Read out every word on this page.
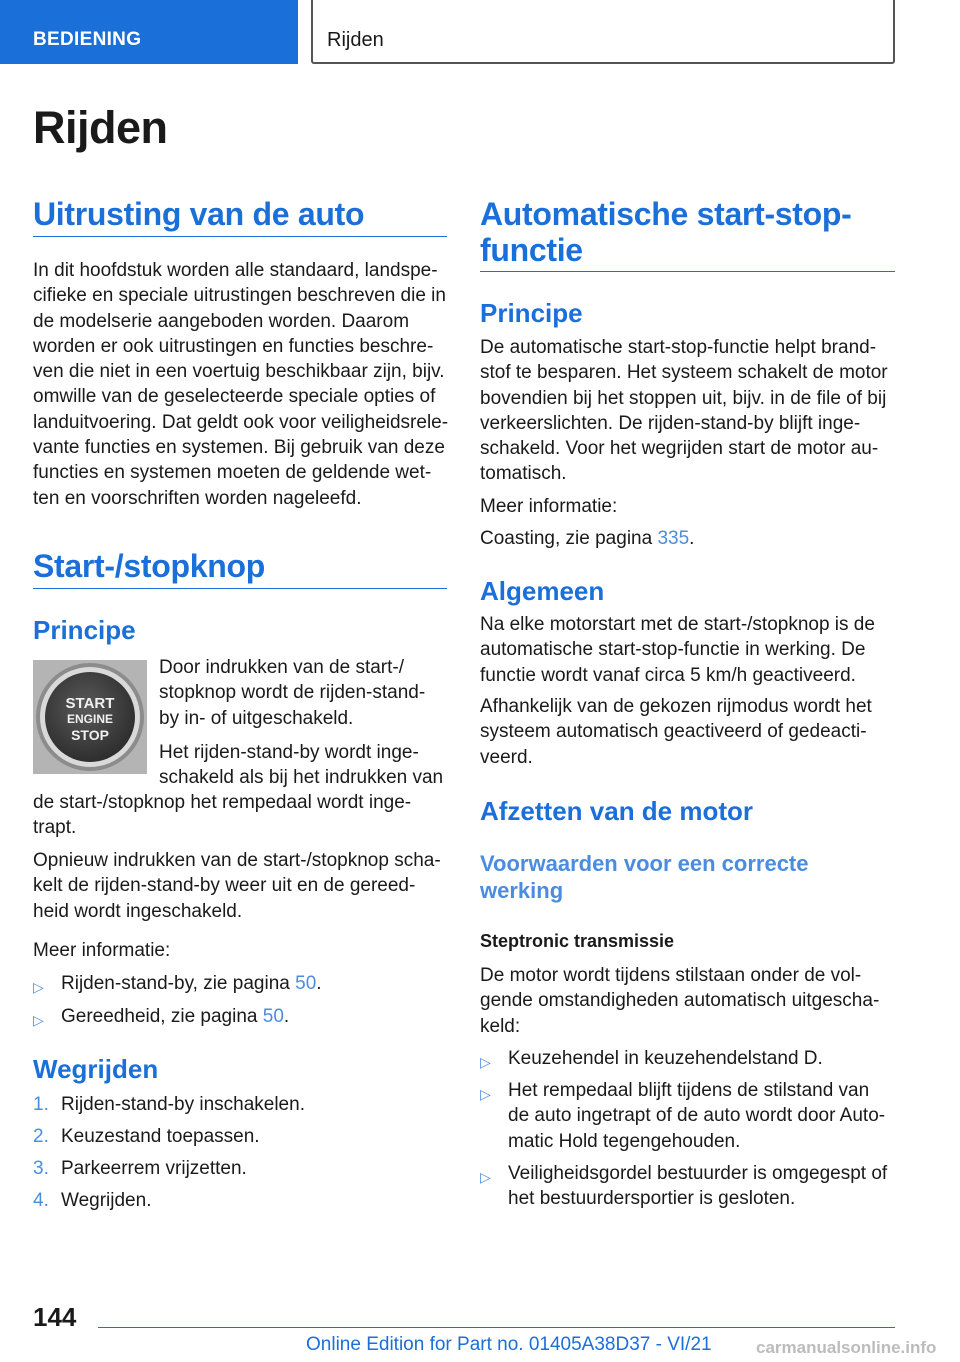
BEDIENING	Rijden
Rijden
Uitrusting van de auto
In dit hoofdstuk worden alle standaard, landspe-
cifieke en speciale uitrustingen beschreven die in
de modelserie aangeboden worden. Daarom
worden er ook uitrustingen en functies beschre-
ven die niet in een voertuig beschikbaar zijn, bijv.
omwille van de geselecteerde speciale opties of
landuitvoering. Dat geldt ook voor veiligheidsrele-
vante functies en systemen. Bij gebruik van deze
functies en systemen moeten de geldende wet-
ten en voorschriften worden nageleefd.
Start-/stopknop
Principe
START
ENGINE
STOP
Door indrukken van de start-/
stopknop wordt de rijden-stand-
by in- of uitgeschakeld.
Het rijden-stand-by wordt inge-
schakeld als bij het indrukken van
de start-/stopknop het rempedaal wordt inge-
trapt.
Opnieuw indrukken van de start-/stopknop scha-
kelt de rijden-stand-by weer uit en de gereed-
heid wordt ingeschakeld.
Meer informatie:
▷ Rijden-stand-by, zie pagina 50.
▷ Gereedheid, zie pagina 50.
Wegrijden
1. Rijden-stand-by inschakelen.
2. Keuzestand toepassen.
3. Parkeerrem vrijzetten.
4. Wegrijden.
Automatische start-stop-
functie
Principe
De automatische start-stop-functie helpt brand-
stof te besparen. Het systeem schakelt de motor
bovendien bij het stoppen uit, bijv. in de file of bij
verkeerslichten. De rijden-stand-by blijft inge-
schakeld. Voor het wegrijden start de motor au-
tomatisch.
Meer informatie:
Coasting, zie pagina 335.
Algemeen
Na elke motorstart met de start-/stopknop is de
automatische start-stop-functie in werking. De
functie wordt vanaf circa 5 km/h geactiveerd.
Afhankelijk van de gekozen rijmodus wordt het
systeem automatisch geactiveerd of gedeacti-
veerd.
Afzetten van de motor
Voorwaarden voor een correcte
werking
Steptronic transmissie
De motor wordt tijdens stilstaan onder de vol-
gende omstandigheden automatisch uitgescha-
keld:
▷ Keuzehendel in keuzehendelstand D.
▷ Het rempedaal blijft tijdens de stilstand van
de auto ingetrapt of de auto wordt door Auto-
matic Hold tegengehouden.
▷ Veiligheidsgordel bestuurder is omgegespt of
het bestuurdersportier is gesloten.
144
Online Edition for Part no. 01405A38D37 - VI/21	carmanualsonline.info
